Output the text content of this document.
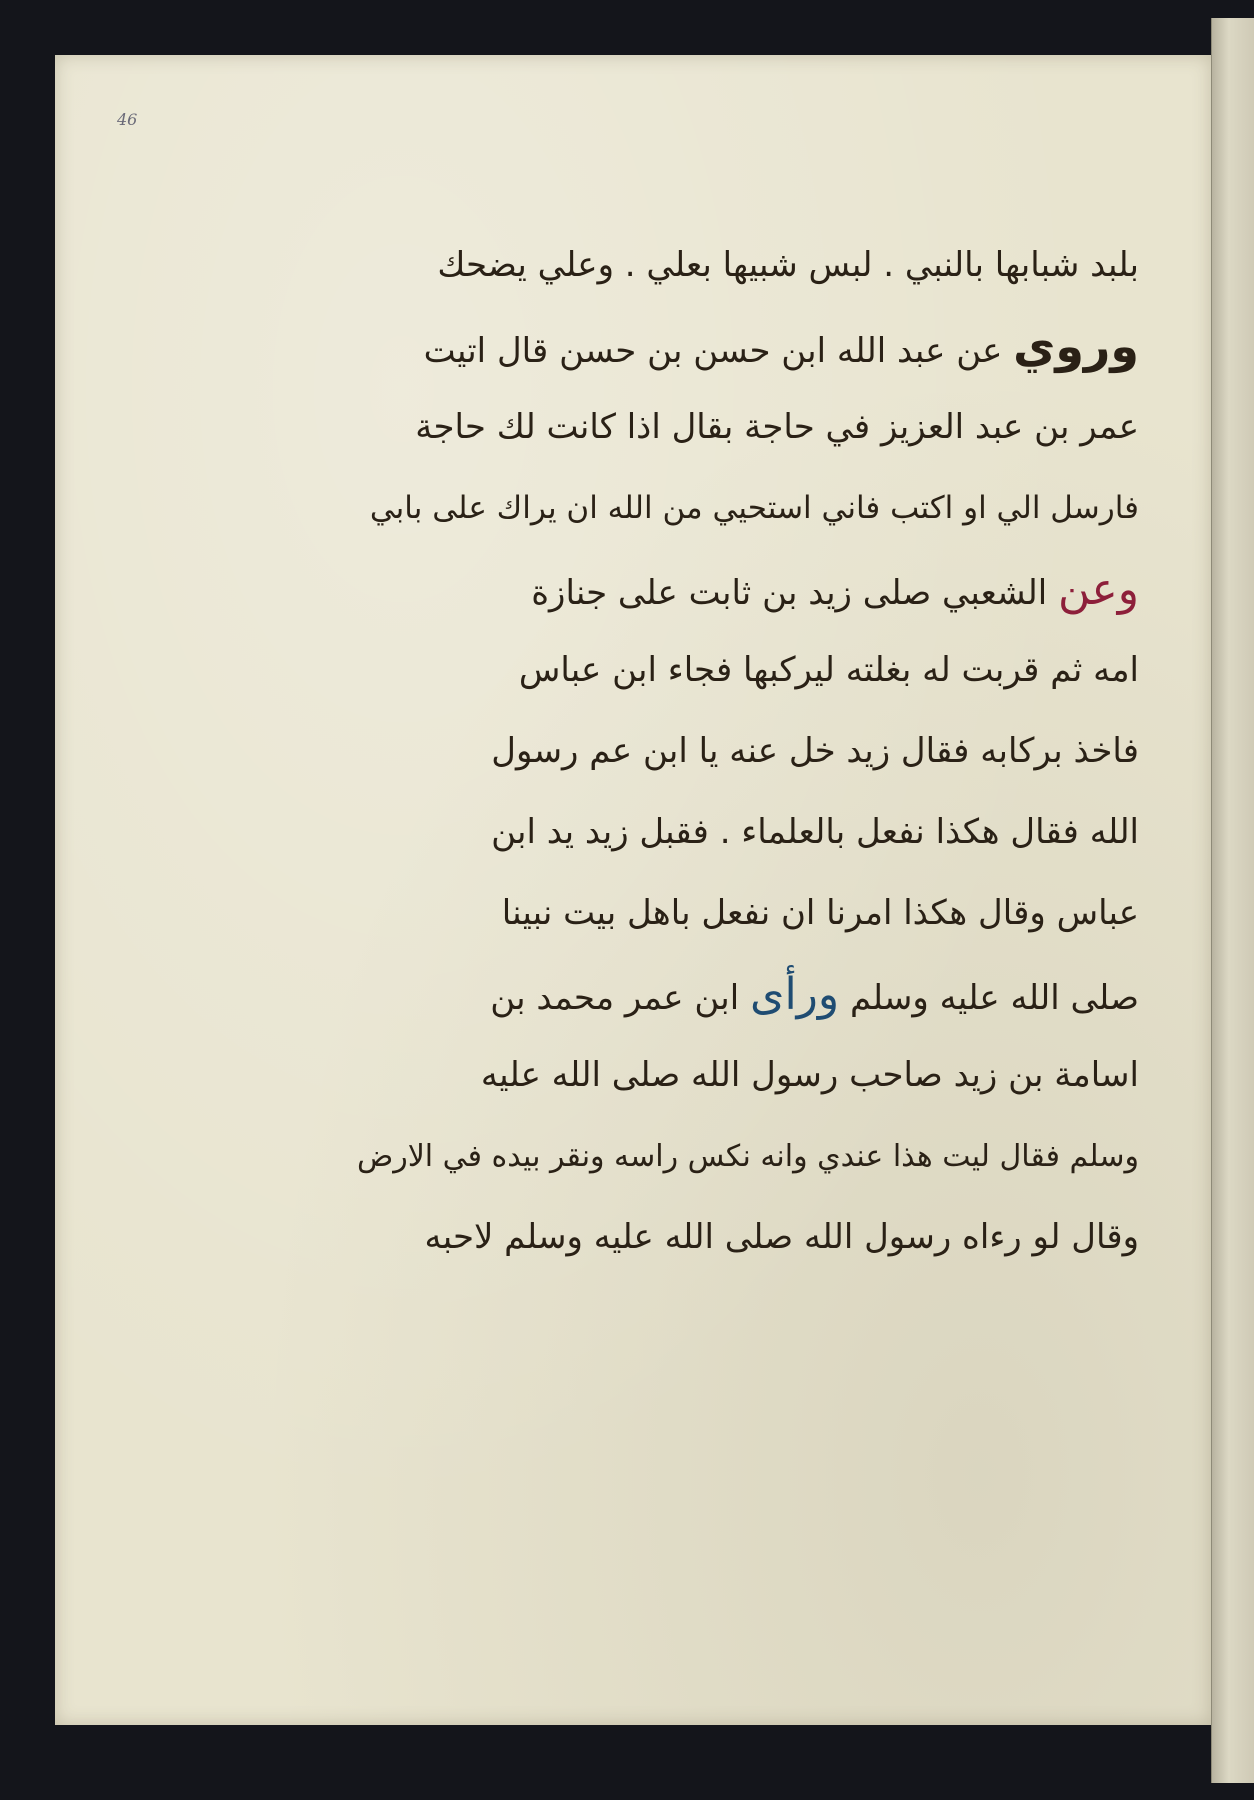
46
بلبد شبابها بالنبي . لبس شبيها بعلي . وعلي يضحك
وروي عن عبد الله ابن حسن بن حسن قال اتيت
عمر بن عبد العزيز في حاجة بقال اذا كانت لك حاجة
فارسل الي او اكتب فاني استحيي من الله ان يراك على بابي
وعن الشعبي صلى زيد بن ثابت على جنازة
امه ثم قربت له بغلته ليركبها فجاء ابن عباس
فاخذ بركابه فقال زيد خل عنه يا ابن عم رسول
الله فقال هكذا نفعل بالعلماء . فقبل زيد يد ابن
عباس وقال هكذا امرنا ان نفعل باهل بيت نبينا
صلى الله عليه وسلم ورأى ابن عمر محمد بن
اسامة بن زيد صاحب رسول الله صلى الله عليه
وسلم فقال ليت هذا عندي وانه نكس راسه ونقر بيده في الارض
وقال لو رءاه رسول الله صلى الله عليه وسلم لاحبه
